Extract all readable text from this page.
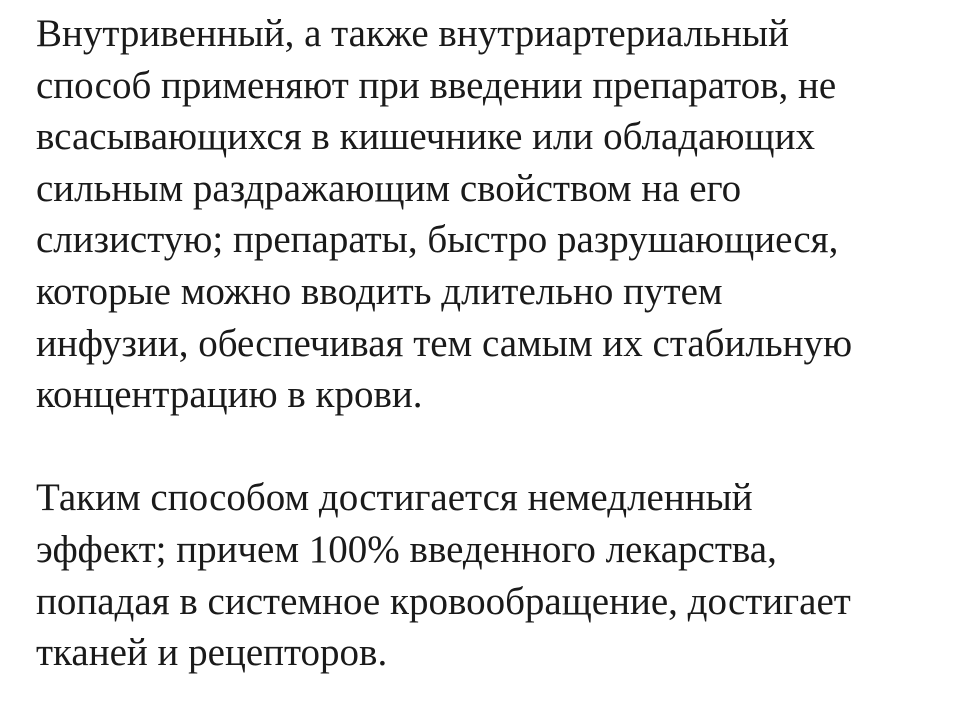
Внутривенный, а также внутриартериальный
способ применяют при введении препаратов, не
всасывающихся в кишечнике или обладающих
сильным раздражающим свойством на его
слизистую; препараты, быстро разрушающиеся,
которые можно вводить длительно путем
инфузии, обеспечивая тем самым их стабильную
концентрацию в крови.
Таким способом достигается немедленный
эффект; причем 100% введенного лекарства,
попадая в системное кровообращение, достигает
тканей и рецепторов.
